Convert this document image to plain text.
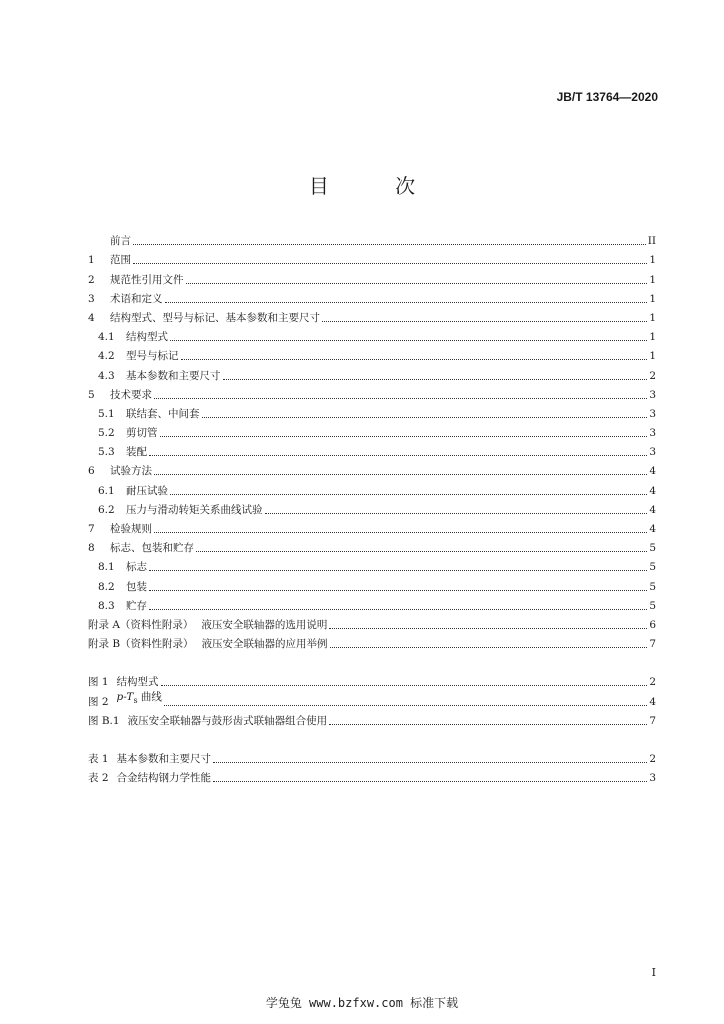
JB/T 13764—2020
目 次
前言	II
1	范围	1
2	规范性引用文件	1
3	术语和定义	1
4	结构型式、型号与标记、基本参数和主要尺寸	1
4.1	结构型式	1
4.2	型号与标记	1
4.3	基本参数和主要尺寸	2
5	技术要求	3
5.1	联结套、中间套	3
5.2	剪切管	3
5.3	装配	3
6	试验方法	4
6.1	耐压试验	4
6.2	压力与滑动转矩关系曲线试验	4
7	检验规则	4
8	标志、包装和贮存	5
8.1	标志	5
8.2	包装	5
8.3	贮存	5
附录 A（资料性附录） 液压安全联轴器的选用说明	6
附录 B（资料性附录） 液压安全联轴器的应用举例	7
图 1 结构型式	2
图 2 $p-T_s$ 曲线	4
图 B.1 液压安全联轴器与鼓形齿式联轴器组合使用	7
表 1 基本参数和主要尺寸	2
表 2 合金结构钢力学性能	3
I
学兔兔 www.bzfxw.com 标准下载
